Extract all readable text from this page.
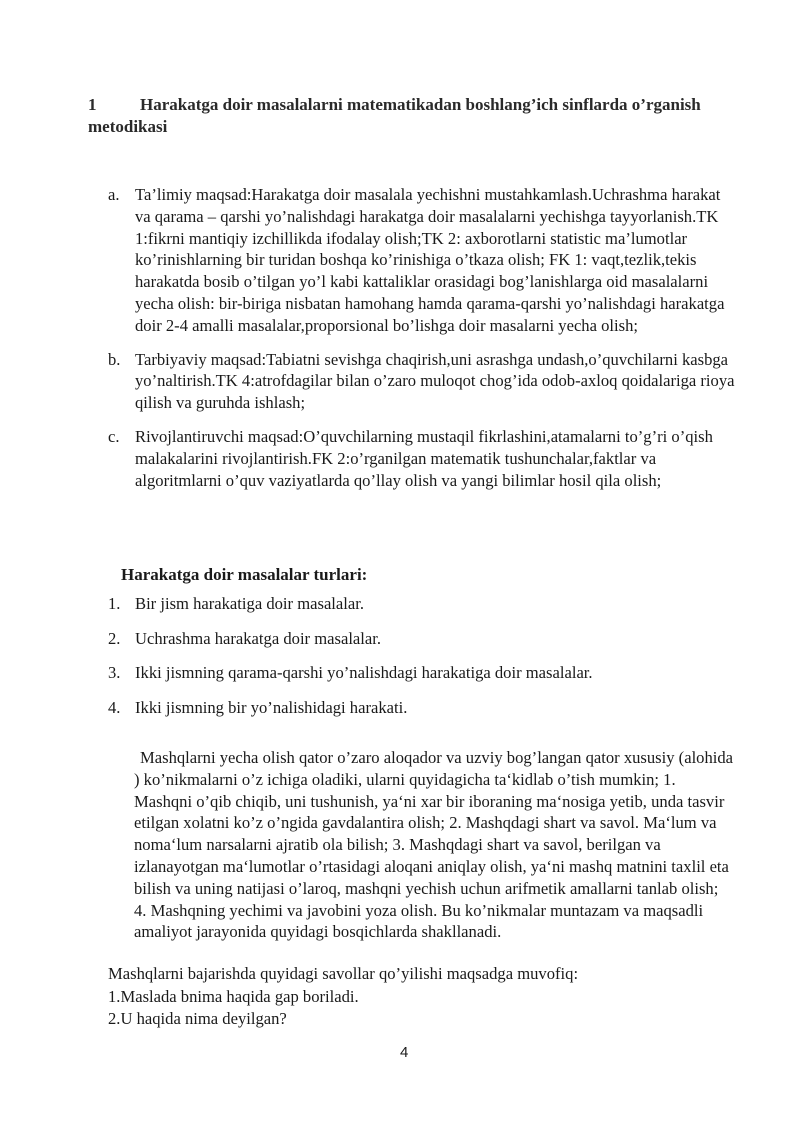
1	Harakatga doir masalalarni matematikadan boshlang’ich sinflarda o’rganish metodikasi
a. Ta’limiy maqsad:Harakatga doir masalala yechishni mustahkamlash.Uchrashma harakat va qarama – qarshi yo’nalishdagi harakatga doir masalalarni yechishga tayyorlanish.TK 1:fikrni mantiqiy izchillikda ifodalay olish;TK 2: axborotlarni statistic ma’lumotlar ko’rinishlarning bir turidan boshqa ko’rinishiga o’tkaza olish; FK 1: vaqt,tezlik,tekis harakatda bosib o’tilgan yo’l kabi kattaliklar orasidagi bog’lanishlarga oid masalalarni yecha olish: bir-biriga nisbatan hamohang hamda qarama-qarshi yo’nalishdagi harakatga doir 2-4 amalli masalalar,proporsional bo’lishga doir masalarni yecha olish;
b. Tarbiyaviy maqsad:Tabiatni sevishga chaqirish,uni asrashga undash,o’quvchilarni kasbga yo’naltirish.TK 4:atrofdagilar bilan o’zaro muloqot chog’ida odob-axloq qoidalariga rioya qilish va guruhda ishlash;
c. Rivojlantiruvchi maqsad:O’quvchilarning mustaqil fikrlashini,atamalarni to’g’ri o’qish malakalarini rivojlantirish.FK 2:o’rganilgan matematik tushunchalar,faktlar va algoritmlarni o’quv vaziyatlarda qo’llay olish va yangi bilimlar hosil qila olish;
Harakatga doir masalalar turlari:
1. Bir jism harakatiga doir masalalar.
2. Uchrashma harakatga doir masalalar.
3. Ikki jismning qarama-qarshi yo’nalishdagi harakatiga doir masalalar.
4. Ikki jismning bir yo’nalishidagi harakati.
Mashqlarni yecha olish qator o’zaro aloqador va uzviy bog’langan qator xususiy (alohida ) ko’nikmalarni o’z ichiga oladiki, ularni quyidagicha ta‘kidlab o’tish mumkin; 1. Mashqni o’qib chiqib, uni tushunish, ya‘ni xar bir iboraning ma‘nosiga yetib, unda tasvir etilgan xolatni ko’z o’ngida gavdalantira olish; 2. Mashqdagi shart va savol. Ma‘lum va noma‘lum narsalarni ajratib ola bilish; 3. Mashqdagi shart va savol, berilgan va izlanayotgan ma‘lumotlar o’rtasidagi aloqani aniqlay olish, ya‘ni mashq matnini taxlil eta bilish va uning natijasi o’laroq, mashqni yechish uchun arifmetik amallarni tanlab olish; 4. Mashqning yechimi va javobini yoza olish. Bu ko’nikmalar muntazam va maqsadli amaliyot jarayonida quyidagi bosqichlarda shakllanadi.
Mashqlarni bajarishda quyidagi savollar qo’yilishi maqsadga muvofiq:
1.Maslada bnima haqida gap boriladi.
2.U haqida nima deyilgan?
4
